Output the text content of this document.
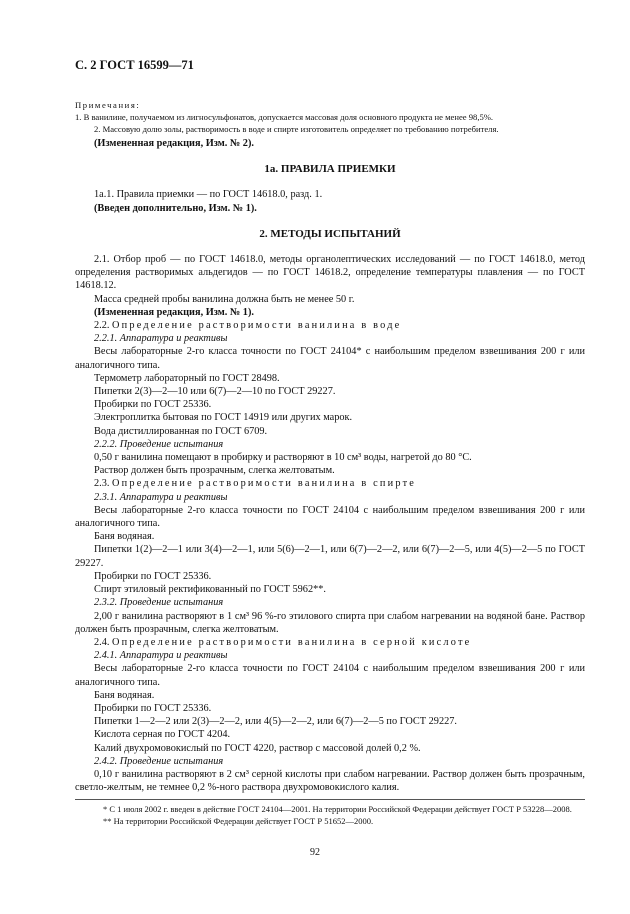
С. 2 ГОСТ 16599—71

Примечания:

1. В ванилине, получаемом из лигносульфонатов, допускается массовая доля основного продукта не менее 98,5%.

2. Массовую долю золы, растворимость в воде и спирте изготовитель определяет по требованию потребителя.

(Измененная редакция, Изм. № 2).

1а. ПРАВИЛА ПРИЕМКИ

1а.1. Правила приемки — по ГОСТ 14618.0, разд. 1.

(Введен дополнительно, Изм. № 1).

2. МЕТОДЫ ИСПЫТАНИЙ

2.1. Отбор проб — по ГОСТ 14618.0, методы органолептических исследований — по ГОСТ 14618.0, метод определения растворимых альдегидов — по ГОСТ 14618.2, определение температуры плавления — по ГОСТ 14618.12.

Масса средней пробы ванилина должна быть не менее 50 г.

(Измененная редакция, Изм. № 1).

2.2. Определение растворимости ванилина в воде

2.2.1. Аппаратура и реактивы

Весы лабораторные 2-го класса точности по ГОСТ 24104* с наибольшим пределом взвешивания 200 г или аналогичного типа.

Термометр лабораторный по ГОСТ 28498.

Пипетки 2(3)—2—10 или 6(7)—2—10 по ГОСТ 29227.

Пробирки по ГОСТ 25336.

Электроплитка бытовая по ГОСТ 14919 или других марок.

Вода дистиллированная по ГОСТ 6709.

2.2.2. Проведение испытания

0,50 г ванилина помещают в пробирку и растворяют в 10 см³ воды, нагретой до 80 °С.

Раствор должен быть прозрачным, слегка желтоватым.

2.3. Определение растворимости ванилина в спирте

2.3.1. Аппаратура и реактивы

Весы лабораторные 2-го класса точности по ГОСТ 24104 с наибольшим пределом взвешивания 200 г или аналогичного типа.

Баня водяная.

Пипетки 1(2)—2—1 или 3(4)—2—1, или 5(6)—2—1, или 6(7)—2—2, или 6(7)—2—5, или 4(5)—2—5 по ГОСТ 29227.

Пробирки по ГОСТ 25336.

Спирт этиловый ректификованный по ГОСТ 5962**.

2.3.2. Проведение испытания

2,00 г ванилина растворяют в 1 см³ 96 %-го этилового спирта при слабом нагревании на водяной бане. Раствор должен быть прозрачным, слегка желтоватым.

2.4. Определение растворимости ванилина в серной кислоте

2.4.1. Аппаратура и реактивы

Весы лабораторные 2-го класса точности по ГОСТ 24104 с наибольшим пределом взвешивания 200 г или аналогичного типа.

Баня водяная.

Пробирки по ГОСТ 25336.

Пипетки 1—2—2 или 2(3)—2—2, или 4(5)—2—2, или 6(7)—2—5 по ГОСТ 29227.

Кислота серная по ГОСТ 4204.

Калий двухромовокислый по ГОСТ 4220, раствор с массовой долей 0,2 %.

2.4.2. Проведение испытания

0,10 г ванилина растворяют в 2 см³ серной кислоты при слабом нагревании. Раствор должен быть прозрачным, светло-желтым, не темнее 0,2 %-ного раствора двухромовокислого калия.

* С 1 июля 2002 г. введен в действие ГОСТ 24104—2001. На территории Российской Федерации действует ГОСТ Р 53228—2008.

** На территории Российской Федерации действует ГОСТ Р 51652—2000.

92
